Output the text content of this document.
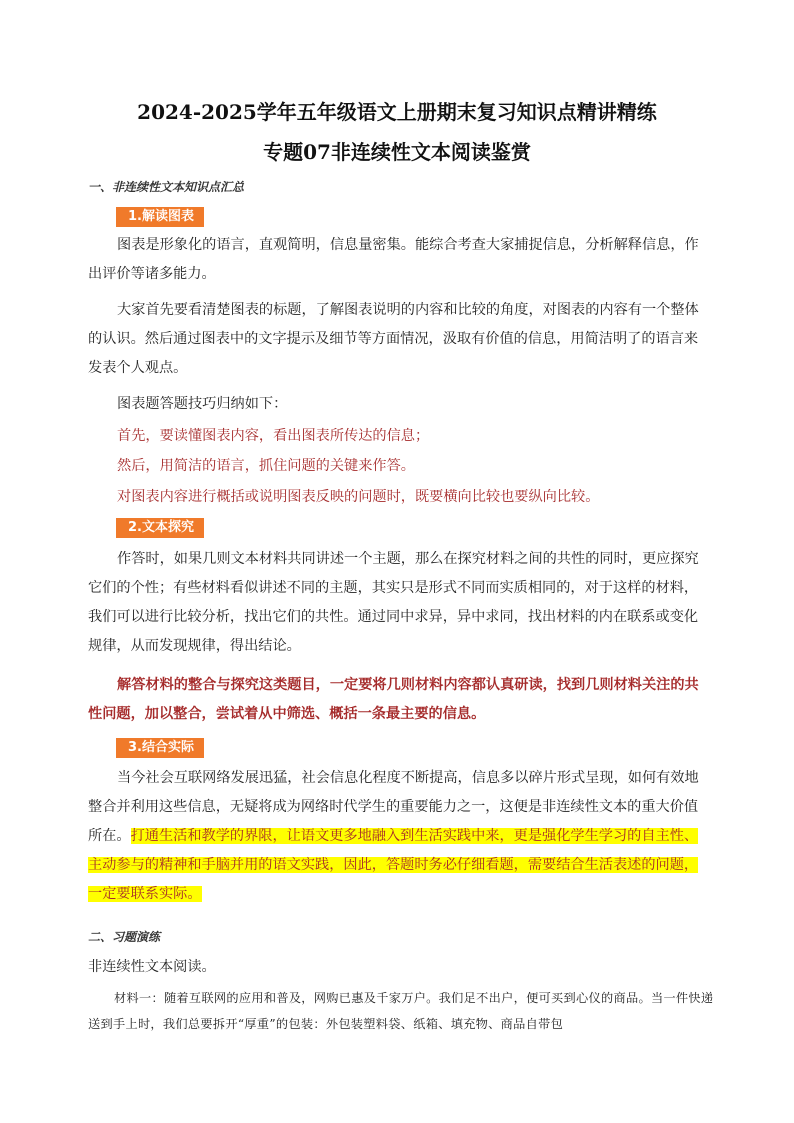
2024-2025学年五年级语文上册期末复习知识点精讲精练
专题07非连续性文本阅读鉴赏
一、非连续性文本知识点汇总
1.解读图表
图表是形象化的语言，直观简明，信息量密集。能综合考查大家捕捉信息，分析解释信息，作出评价等诸多能力。
大家首先要看清楚图表的标题，了解图表说明的内容和比较的角度，对图表的内容有一个整体的认识。然后通过图表中的文字提示及细节等方面情况，汲取有价值的信息，用简洁明了的语言来发表个人观点。
图表题答题技巧归纳如下：
首先，要读懂图表内容，看出图表所传达的信息；
然后，用简洁的语言，抓住问题的关键来作答。
对图表内容进行概括或说明图表反映的问题时，既要横向比较也要纵向比较。
2.文本探究
作答时，如果几则文本材料共同讲述一个主题，那么在探究材料之间的共性的同时，更应探究它们的个性；有些材料看似讲述不同的主题，其实只是形式不同而实质相同的，对于这样的材料，我们可以进行比较分析，找出它们的共性。通过同中求异，异中求同，找出材料的内在联系或变化规律，从而发现规律，得出结论。
解答材料的整合与探究这类题目，一定要将几则材料内容都认真研读，找到几则材料关注的共性问题，加以整合，尝试着从中筛选、概括一条最主要的信息。
3.结合实际
当今社会互联网络发展迅猛，社会信息化程度不断提高，信息多以碎片形式呈现，如何有效地整合并利用这些信息，无疑将成为网络时代学生的重要能力之一，这便是非连续性文本的重大价值所在。打通生活和教学的界限，让语文更多地融入到生活实践中来，更是强化学生学习的自主性、主动参与的精神和手脑并用的语文实践，因此，答题时务必仔细看题，需要结合生活表述的问题，一定要联系实际。
二、习题演练
非连续性文本阅读。
材料一：随着互联网的应用和普及，网购已惠及千家万户。我们足不出户，便可买到心仪的商品。当一件快递送到手上时，我们总要拆开“厚重”的包装：外包装塑料袋、纸箱、填充物、商品自带包
